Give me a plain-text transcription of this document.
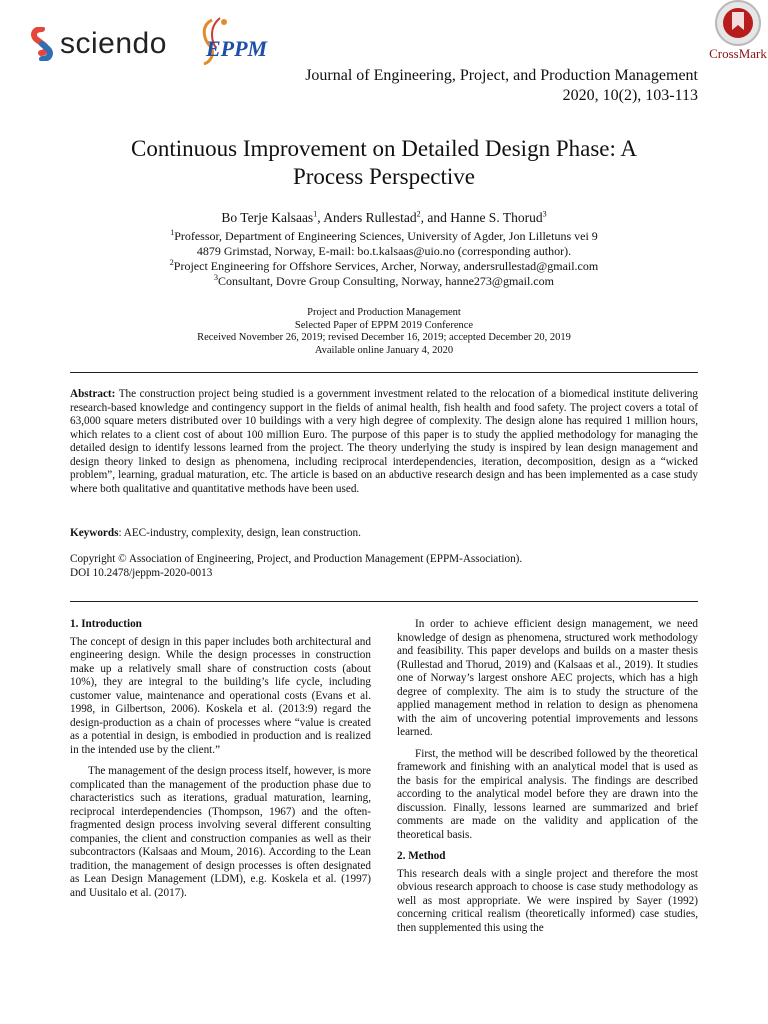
sciendo EPPM	CrossMark
Journal of Engineering, Project, and Production Management
2020, 10(2), 103-113
Continuous Improvement on Detailed Design Phase: A
Process Perspective
Bo Terje Kalsaas$^1$, Anders Rullestad$^2$, and Hanne S. Thorud$^3$
$^1$Professor, Department of Engineering Sciences, University of Agder, Jon Lilletuns vei 9
4879 Grimstad, Norway, E-mail: bo.t.kalsaas@uio.no (corresponding author).
$^2$Project Engineering for Offshore Services, Archer, Norway, andersrullestad@gmail.com
$^3$Consultant, Dovre Group Consulting, Norway, hanne273@gmail.com
Project and Production Management
Selected Paper of EPPM 2019 Conference
Received November 26, 2019; revised December 16, 2019; accepted December 20, 2019
Available online January 4, 2020
Abstract: The construction project being studied is a government investment related to the relocation of a biomedical institute delivering research-based knowledge and contingency support in the fields of animal health, fish health and food safety. The project covers a total of 63,000 square meters distributed over 10 buildings with a very high degree of complexity. The design alone has required 1 million hours, which relates to a client cost of about 100 million Euro. The purpose of this paper is to study the applied methodology for managing the detailed design to identify lessons learned from the project. The theory underlying the study is inspired by lean design management and design theory linked to design as phenomena, including reciprocal interdependencies, iteration, decomposition, design as a “wicked problem”, learning, gradual maturation, etc. The article is based on an abductive research design and has been implemented as a case study where both qualitative and quantitative methods have been used.
Keywords: AEC-industry, complexity, design, lean construction.
Copyright © Association of Engineering, Project, and Production Management (EPPM-Association).
DOI 10.2478/jeppm-2020-0013
1. Introduction

The concept of design in this paper includes both architectural and engineering design. While the design processes in construction make up a relatively small share of construction costs (about 10%), they are integral to the building’s life cycle, including customer value, maintenance and operational costs (Evans et al. 1998, in Gilbertson, 2006). Koskela et al. (2013:9) regard the design-production as a chain of processes where “value is created as a potential in design, is embodied in production and is realized in the intended use by the client.”

The management of the design process itself, however, is more complicated than the management of the production phase due to characteristics such as iterations, gradual maturation, learning, reciprocal interdependencies (Thompson, 1967) and the often-fragmented design process involving several different consulting companies, the client and construction companies as well as their subcontractors (Kalsaas and Moum, 2016). According to the Lean tradition, the management of design processes is often designated as Lean Design Management (LDM), e.g. Koskela et al. (1997) and Uusitalo et al. (2017).

In order to achieve efficient design management, we need knowledge of design as phenomena, structured work methodology and feasibility. This paper develops and builds on a master thesis (Rullestad and Thorud, 2019) and (Kalsaas et al., 2019). It studies one of Norway’s largest onshore AEC projects, which has a high degree of complexity. The aim is to study the structure of the applied management method in relation to design as phenomena with the aim of uncovering potential improvements and lessons learned.

First, the method will be described followed by the theoretical framework and finishing with an analytical model that is used as the basis for the empirical analysis. The findings are described according to the analytical model before they are drawn into the discussion. Finally, lessons learned are summarized and brief comments are made on the validity and application of the theoretical basis.

2. Method

This research deals with a single project and therefore the most obvious research approach to choose is case study methodology as well as most appropriate. We were inspired by Sayer (1992) concerning critical realism (theoretically informed) case studies, then supplemented this using the
